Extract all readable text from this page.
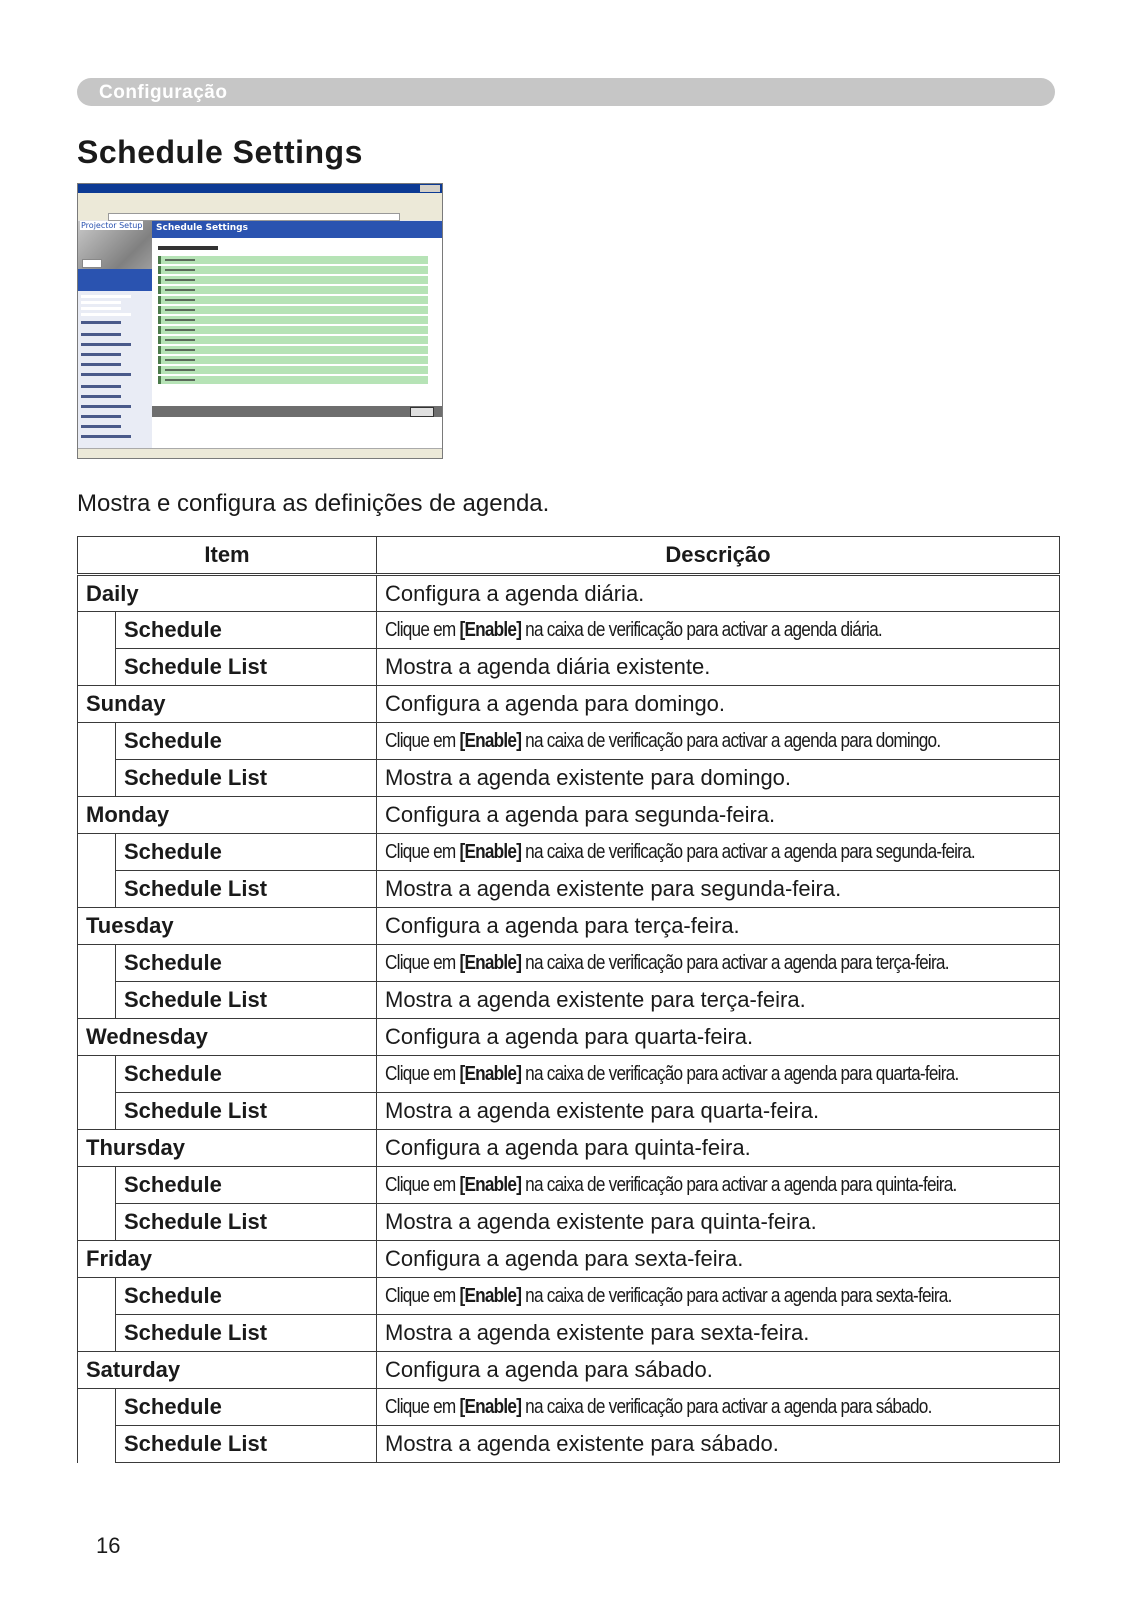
Configuração
Schedule Settings
Projector Setup Schedule Settings

Mostra e configura as definições de agenda.

Item		Descrição
Daily		Configura a agenda diária.
	Schedule	Clique em [Enable] na caixa de verificação para activar a agenda diária.
	Schedule List	Mostra a agenda diária existente.
Sunday		Configura a agenda para domingo.
	Schedule	Clique em [Enable] na caixa de verificação para activar a agenda para domingo.
	Schedule List	Mostra a agenda existente para domingo.
Monday		Configura a agenda para segunda-feira.
	Schedule	Clique em [Enable] na caixa de verificação para activar a agenda para segunda-feira.
	Schedule List	Mostra a agenda existente para segunda-feira.
Tuesday		Configura a agenda para terça-feira.
	Schedule	Clique em [Enable] na caixa de verificação para activar a agenda para terça-feira.
	Schedule List	Mostra a agenda existente para terça-feira.
Wednesday		Configura a agenda para quarta-feira.
	Schedule	Clique em [Enable] na caixa de verificação para activar a agenda para quarta-feira.
	Schedule List	Mostra a agenda existente para quarta-feira.
Thursday		Configura a agenda para quinta-feira.
	Schedule	Clique em [Enable] na caixa de verificação para activar a agenda para quinta-feira.
	Schedule List	Mostra a agenda existente para quinta-feira.
Friday		Configura a agenda para sexta-feira.
	Schedule	Clique em [Enable] na caixa de verificação para activar a agenda para sexta-feira.
	Schedule List	Mostra a agenda existente para sexta-feira.
Saturday		Configura a agenda para sábado.
	Schedule	Clique em [Enable] na caixa de verificação para activar a agenda para sábado.
	Schedule List	Mostra a agenda existente para sábado.
16
